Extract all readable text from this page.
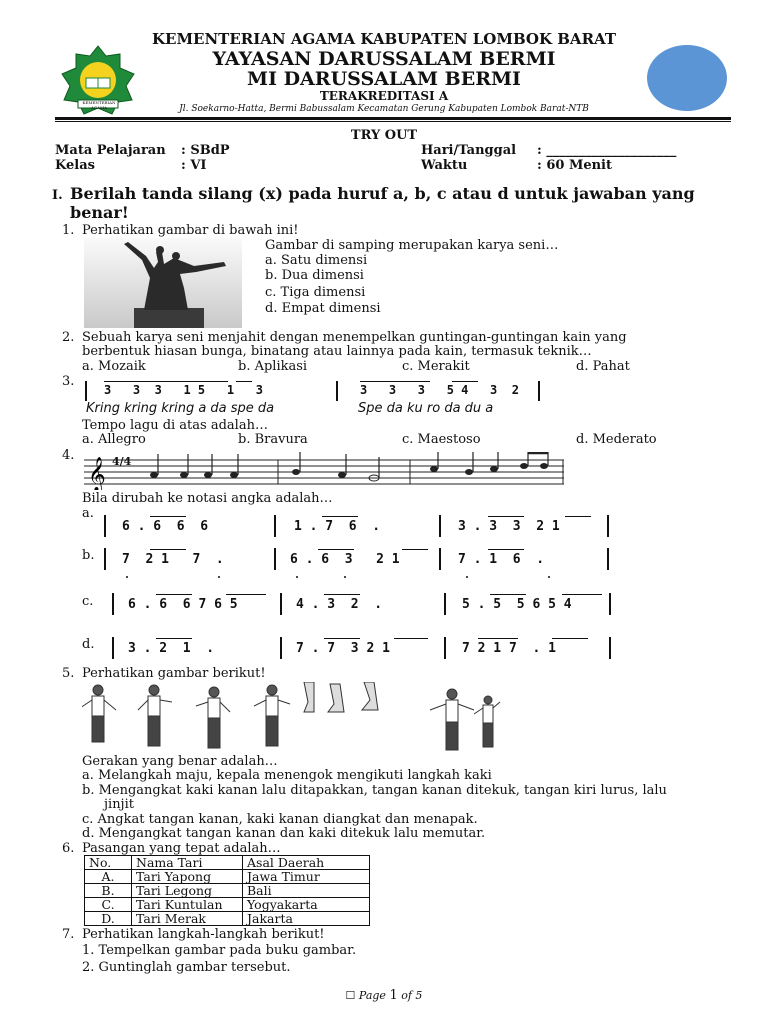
KEMENTERIAN AGAMA
KEMENTERIAN AGAMA KABUPATEN LOMBOK BARAT
YAYASAN DARUSSALAM BERMI
MI DARUSSALAM BERMI
TERAKREDITASI A
Jl. Soekarno-Hatta, Bermi Babussalam Kecamatan Gerung Kabupaten Lombok Barat-NTB
TRY OUT
Mata Pelajaran : SBdP	Hari/Tanggal : ____________________
Kelas	: VI	Waktu	: 60 Menit
I. Berilah tanda silang (x) pada huruf a, b, c atau d untuk jawaban yang
benar!
1. Perhatikan gambar di bawah ini!
Gambar di samping merupakan karya seni…
a. Satu dimensi
b. Dua dimensi
c. Tiga dimensi
d. Empat dimensi
2. Sebuah karya seni menjahit dengan menempelkan guntingan-guntingan kain yang
berbentuk hiasan bunga, binatang atau lainnya pada kain, termasuk teknik…
a. Mozaik	b. Aplikasi	c. Merakit	d. Pahat
3.
3   3  3   1 5   1   3	3   3   3   5 4   3  2
Kring kring kring a da spe da	Spe da ku ro da du a
Tempo lagu di atas adalah…
a. Allegro	b. Bravura	c. Maestoso	d. Mederato
4.
𝄞 4/4
Bila dirubah ke notasi angka adalah…
a.
b.
c.
d.
6 . 6  6  6	1 . 7  6  .	3 . 3  3  2 1
7  2 1   7  .	6 . 6  3   2 1	7 . 1  6  .
6 . 6  6 7 6 5	4 . 3  2  .	5 . 5  5 6 5 4
3 . 2  1  .	7 . 7  3 2 1	7 2 1 7  . 1
5. Perhatikan gambar berikut!
Gerakan yang benar adalah…
a. Melangkah maju, kepala menengok mengikuti langkah kaki
b. Mengangkat kaki kanan lalu ditapakkan, tangan kanan ditekuk, tangan kiri lurus, lalu
jinjit
c. Angkat tangan kanan, kaki kanan diangkat dan menapak.
d. Mengangkat tangan kanan dan kaki ditekuk lalu memutar.
6. Pasangan yang tepat adalah…
No.	Nama Tari	Asal Daerah
A.	Tari Yapong	Jawa Timur
B.	Tari Legong	Bali
C.	Tari Kuntulan	Yogyakarta
D.	Tari Merak	Jakarta
7. Perhatikan langkah-langkah berikut!
1. Tempelkan gambar pada buku gambar.
2. Guntinglah gambar tersebut.
☐ Page 1 of 5
